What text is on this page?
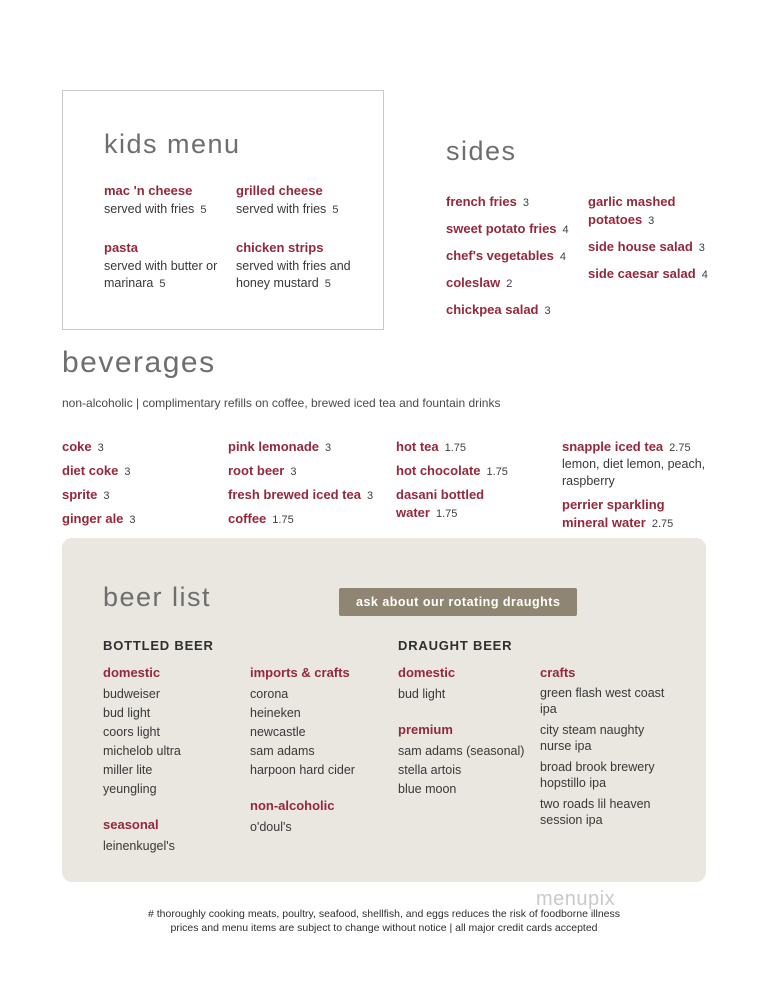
kids menu
mac 'n cheese
served with fries 5
grilled cheese
served with fries 5
pasta
served with butter or marinara 5
chicken strips
served with fries and honey mustard 5
sides
french fries 3
sweet potato fries 4
chef's vegetables 4
coleslaw 2
chickpea salad 3
garlic mashed potatoes 3
side house salad 3
side caesar salad 4
beverages
non-alcoholic | complimentary refills on coffee, brewed iced tea and fountain drinks
coke 3
diet coke 3
sprite 3
ginger ale 3
pink lemonade 3
root beer 3
fresh brewed iced tea 3
coffee 1.75
hot tea 1.75
hot chocolate 1.75
dasani bottled water 1.75
snapple iced tea 2.75
lemon, diet lemon, peach, raspberry
perrier sparkling mineral water 2.75
beer list	ask about our rotating draughts
BOTTLED BEER	DRAUGHT BEER
domestic
budweiser
bud light
coors light
michelob ultra
miller lite
yeungling
seasonal
leinenkugel's
imports & crafts
corona
heineken
newcastle
sam adams
harpoon hard cider
non-alcoholic
o'doul's
domestic
bud light
premium
sam adams (seasonal)
stella artois
blue moon
crafts
green flash west coast ipa
city steam naughty nurse ipa
broad brook brewery hopstillo ipa
two roads lil heaven session ipa
menupix
# thoroughly cooking meats, poultry, seafood, shellfish, and eggs reduces the risk of foodborne illness
prices and menu items are subject to change without notice | all major credit cards accepted
